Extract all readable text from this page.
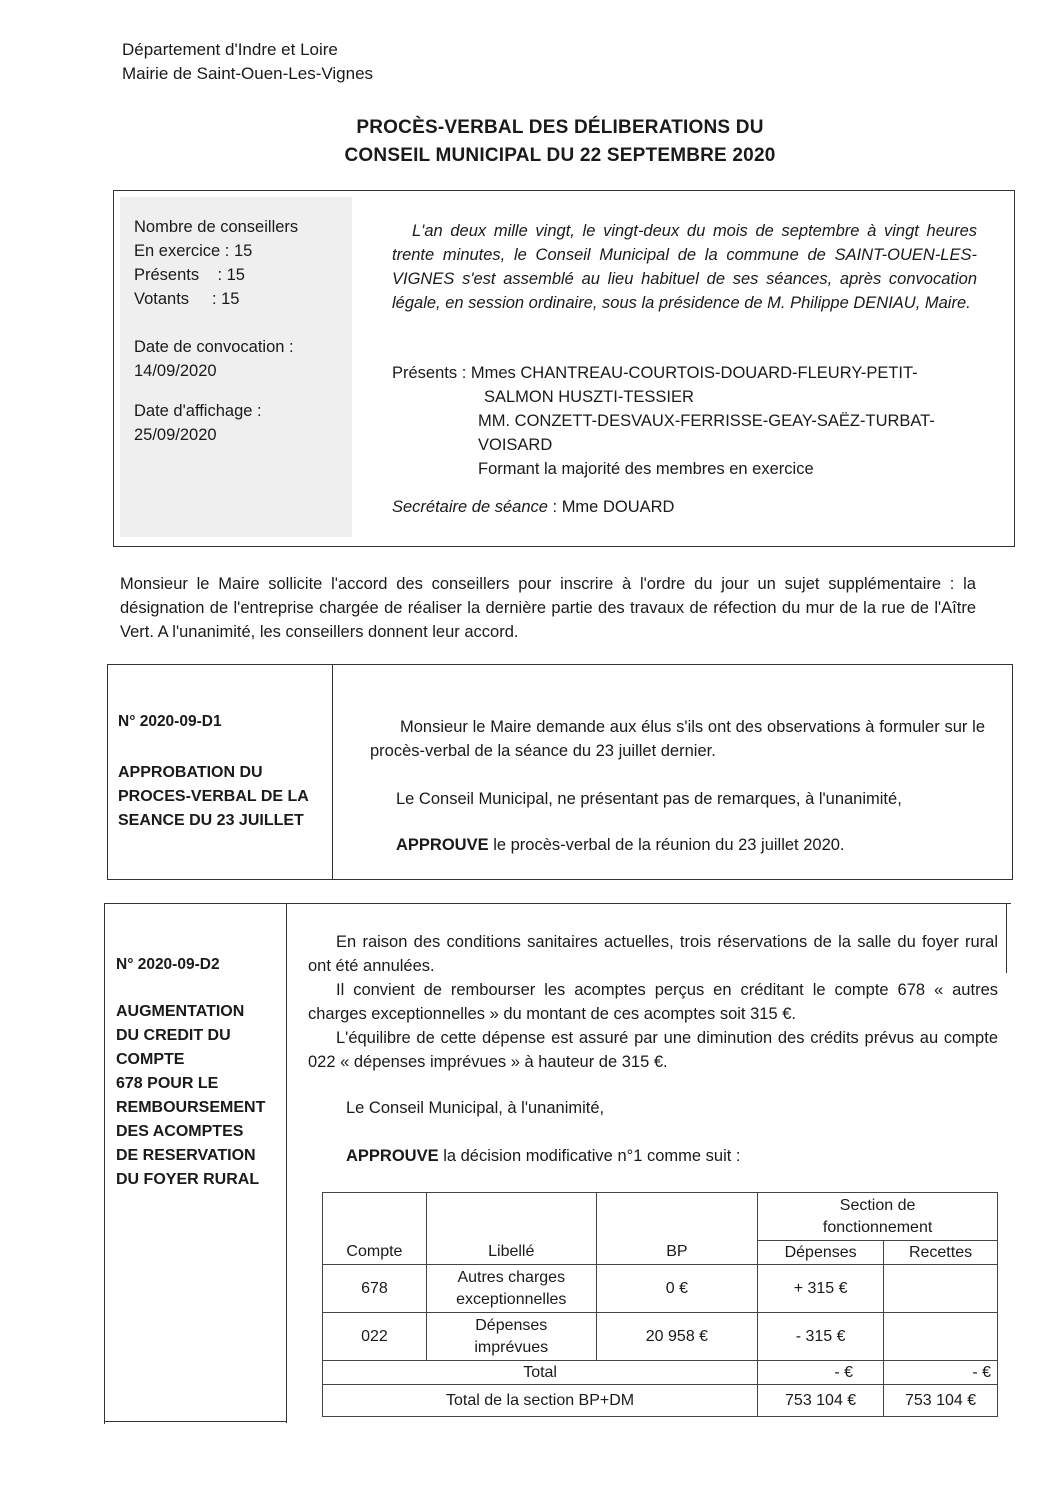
Département d'Indre et Loire
Mairie de Saint-Ouen-Les-Vignes
PROCÈS-VERBAL DES DÉLIBERATIONS DU
CONSEIL MUNICIPAL DU 22 SEPTEMBRE 2020
Nombre de conseillers
En exercice : 15
Présents    : 15
Votants     : 15
Date de convocation :
14/09/2020
Date d'affichage :
25/09/2020
L'an deux mille vingt, le vingt-deux du mois de septembre à vingt heures trente minutes, le Conseil Municipal de la commune de SAINT-OUEN-LES-VIGNES s'est assemblé au lieu habituel de ses séances, après convocation légale, en session ordinaire, sous la présidence de M. Philippe DENIAU, Maire.
Présents : Mmes CHANTREAU-COURTOIS-DOUARD-FLEURY-PETIT-
SALMON HUSZTI-TESSIER
MM. CONZETT-DESVAUX-FERRISSE-GEAY-SAËZ-TURBAT-
VOISARD
Formant la majorité des membres en exercice
Secrétaire de séance : Mme DOUARD
Monsieur le Maire sollicite l'accord des conseillers pour inscrire à l'ordre du jour un sujet supplémentaire : la désignation de l'entreprise chargée de réaliser la dernière partie des travaux de réfection du mur de la rue de l'Aître Vert. A l'unanimité, les conseillers donnent leur accord.
N° 2020-09-D1
APPROBATION DU PROCES-VERBAL DE LA SEANCE DU 23 JUILLET
Monsieur le Maire demande aux élus s'ils ont des observations à formuler sur le procès-verbal de la séance du 23 juillet dernier.
Le Conseil Municipal, ne présentant pas de remarques, à l'unanimité,
APPROUVE le procès-verbal de la réunion du 23 juillet 2020.
N° 2020-09-D2
AUGMENTATION
DU CREDIT DU
COMPTE
678 POUR LE
REMBOURSEMENT
DES ACOMPTES
DE RESERVATION
DU FOYER RURAL
En raison des conditions sanitaires actuelles, trois réservations de la salle du foyer rural ont été annulées.
Il convient de rembourser les acomptes perçus en créditant le compte 678 « autres charges exceptionnelles » du montant de ces acomptes soit 315 €.
L'équilibre de cette dépense est assuré par une diminution des crédits prévus au compte 022 « dépenses imprévues » à hauteur de 315 €.
Le Conseil Municipal, à l'unanimité,
APPROUVE la décision modificative n°1 comme suit :
			Section de fonctionnement	
Compte	Libellé	BP	Dépenses	Recettes
678	Autres charges exceptionnelles	0 €	+ 315 €	
022	Dépenses imprévues	20 958 €	- 315 €	
Total			- €	- €
Total de la section BP+DM			753 104 €	753 104 €
